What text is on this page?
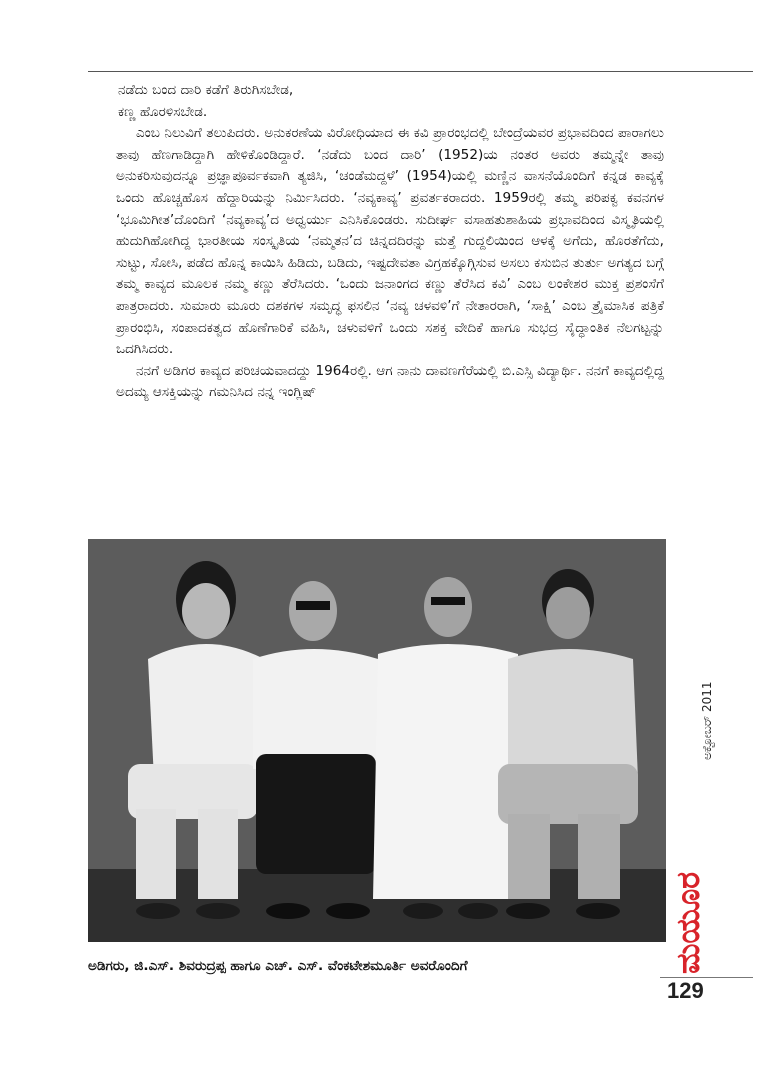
ನಡೆದು ಬಂದ ದಾರಿ ಕಡೆಗೆ ತಿರುಗಿಸಬೇಡ,

ಕಣ್ಣ ಹೊರಳಿಸಬೇಡ.

ಎಂಬ ನಿಲುವಿಗೆ ತಲುಪಿದರು. ಅನುಕರಣೆಯ ವಿರೋಧಿಯಾದ ಈ ಕವಿ ಪ್ರಾರಂಭದಲ್ಲಿ ಬೇಂದ್ರೆಯವರ ಪ್ರಭಾವದಿಂದ ಪಾರಾಗಲು ತಾವು ಹೆಣಗಾಡಿದ್ದಾಗಿ ಹೇಳಿಕೊಂಡಿದ್ದಾರೆ. ‘ನಡೆದು ಬಂದ ದಾರಿ’ (1952)ಯ ನಂತರ ಅವರು ತಮ್ಮನ್ನೇ ತಾವು ಅನುಕರಿಸುವುದನ್ನೂ ಪ್ರಜ್ಞಾಪೂರ್ವಕವಾಗಿ ತ್ಯಜಿಸಿ, ‘ಚಂಡೆಮದ್ದಳೆ’ (1954)ಯಲ್ಲಿ ಮಣ್ಣಿನ ವಾಸನೆಯೊಂದಿಗೆ ಕನ್ನಡ ಕಾವ್ಯಕ್ಕೆ ಒಂದು ಹೊಚ್ಚಹೊಸ ಹೆದ್ದಾರಿಯನ್ನು ನಿರ್ಮಿಸಿದರು. ‘ನವ್ಯಕಾವ್ಯ’ ಪ್ರವರ್ತಕರಾದರು. 1959ರಲ್ಲಿ ತಮ್ಮ ಪರಿಪಕ್ವ ಕವನಗಳ ‘ಭೂಮಿಗೀತ’ದೊಂದಿಗೆ ‘ನವ್ಯಕಾವ್ಯ’ದ ಅಧ್ವರ್ಯು ಎನಿಸಿಕೊಂಡರು. ಸುದೀರ್ಘ ವಸಾಹತುಶಾಹಿಯ ಪ್ರಭಾವದಿಂದ ವಿಸ್ಮೃತಿಯಲ್ಲಿ ಹುದುಗಿಹೋಗಿದ್ದ ಭಾರತೀಯ ಸಂಸ್ಕೃತಿಯ ‘ನಮ್ಮತನ’ದ ಚಿನ್ನದದಿರನ್ನು ಮತ್ತೆ ಗುದ್ದಲಿಯಿಂದ ಆಳಕ್ಕೆ ಅಗೆದು, ಹೊರತೆಗೆದು, ಸುಟ್ಟು, ಸೋಸಿ, ಪಡೆದ ಹೊನ್ನ ಕಾಯಿಸಿ ಹಿಡಿದು, ಬಡಿದು, ಇಷ್ಟದೇವತಾ ವಿಗ್ರಹಕ್ಕೊಗ್ಗಿಸುವ ಅಸಲು ಕಸುಬಿನ ತುರ್ತು ಅಗತ್ಯದ ಬಗ್ಗೆ ತಮ್ಮ ಕಾವ್ಯದ ಮೂಲಕ ನಮ್ಮ ಕಣ್ಣು ತೆರೆಸಿದರು. ‘ಒಂದು ಜನಾಂಗದ ಕಣ್ಣು ತೆರೆಸಿದ ಕವಿ’ ಎಂಬ ಲಂಕೇಶರ ಮುಕ್ತ ಪ್ರಶಂಸೆಗೆ ಪಾತ್ರರಾದರು. ಸುಮಾರು ಮೂರು ದಶಕಗಳ ಸಮೃದ್ಧ ಫಸಲಿನ ‘ನವ್ಯ ಚಳವಳಿ’ಗೆ ನೇತಾರರಾಗಿ, ‘ಸಾಕ್ಷಿ’ ಎಂಬ ತ್ರೈಮಾಸಿಕ ಪತ್ರಿಕೆ ಪ್ರಾರಂಭಿಸಿ, ಸಂಪಾದಕತ್ವದ ಹೊಣೆಗಾರಿಕೆ ವಹಿಸಿ, ಚಳುವಳಿಗೆ ಒಂದು ಸಶಕ್ತ ವೇದಿಕೆ ಹಾಗೂ ಸುಭದ್ರ ಸೈದ್ಧಾಂತಿಕ ನೆಲಗಟ್ಟನ್ನು ಒದಗಿಸಿದರು.

ನನಗೆ ಅಡಿಗರ ಕಾವ್ಯದ ಪರಿಚಯವಾದದ್ದು 1964ರಲ್ಲಿ. ಆಗ ನಾನು ದಾವಣಗೆರೆಯಲ್ಲಿ ಬಿ.ಎಸ್ಸಿ ವಿದ್ಯಾರ್ಥಿ. ನನಗೆ ಕಾವ್ಯದಲ್ಲಿದ್ದ ಅದಮ್ಯ ಆಸಕ್ತಿಯನ್ನು ಗಮನಿಸಿದ ನನ್ನ ಇಂಗ್ಲಿಷ್

ಅಡಿಗರು, ಜಿ.ಎಸ್. ಶಿವರುದ್ರಪ್ಪ ಹಾಗೂ ಎಚ್. ಎಸ್. ವೆಂಕಟೇಶಮೂರ್ತಿ ಅವರೊಂದಿಗೆ
ಅಕ್ಟೋಬರ್ 2011
ಮಯೂರ
129
